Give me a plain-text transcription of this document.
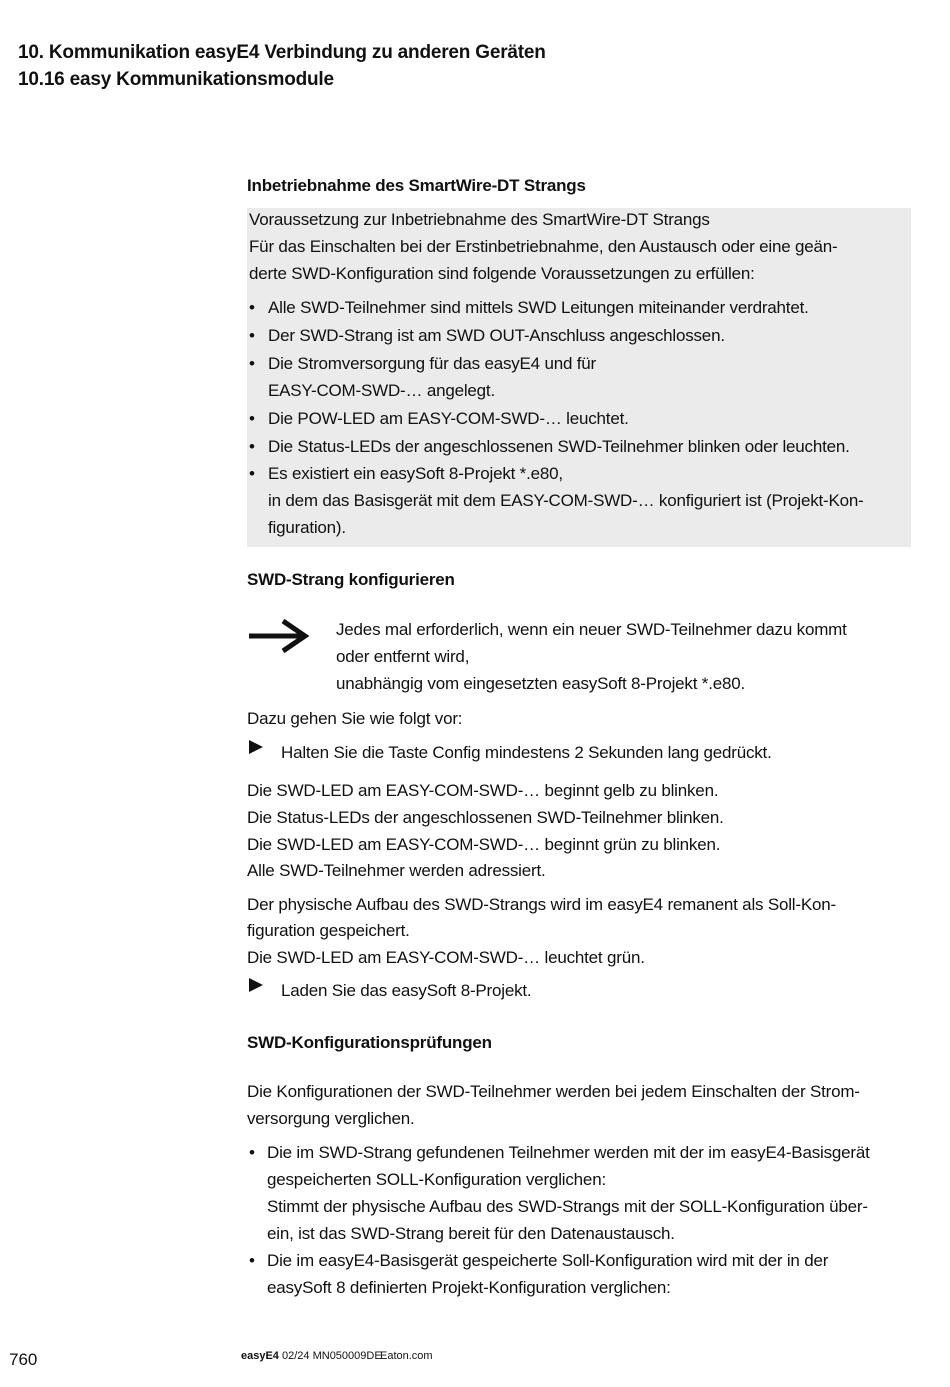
10. Kommunikation easyE4 Verbindung zu anderen Geräten
10.16 easy Kommunikationsmodule
Inbetriebnahme des SmartWire-DT Strangs
Voraussetzung zur Inbetriebnahme des SmartWire-DT Strangs
Für das Einschalten bei der Erstinbetriebnahme, den Austausch oder eine geän-
derte SWD-Konfiguration sind folgende Voraussetzungen zu erfüllen:
• Alle SWD-Teilnehmer sind mittels SWD Leitungen miteinander verdrahtet.
• Der SWD-Strang ist am SWD OUT-Anschluss angeschlossen.
• Die Stromversorgung für das easyE4 und für
EASY-COM-SWD-… angelegt.
• Die POW-LED am EASY-COM-SWD-… leuchtet.
• Die Status-LEDs der angeschlossenen SWD-Teilnehmer blinken oder leuchten.
• Es existiert ein easySoft 8-Projekt *.e80,
in dem das Basisgerät mit dem EASY-COM-SWD-… konfiguriert ist (Projekt-Kon-
figuration).
SWD-Strang konfigurieren
Jedes mal erforderlich, wenn ein neuer SWD-Teilnehmer dazu kommt
oder entfernt wird,
unabhängig vom eingesetzten easySoft 8-Projekt *.e80.
Dazu gehen Sie wie folgt vor:
Halten Sie die Taste Config mindestens 2 Sekunden lang gedrückt.
Die SWD-LED am EASY-COM-SWD-… beginnt gelb zu blinken.
Die Status-LEDs der angeschlossenen SWD-Teilnehmer blinken.
Die SWD-LED am EASY-COM-SWD-… beginnt grün zu blinken.
Alle SWD-Teilnehmer werden adressiert.
Der physische Aufbau des SWD-Strangs wird im easyE4 remanent als Soll-Kon-
figuration gespeichert.
Die SWD-LED am EASY-COM-SWD-… leuchtet grün.
Laden Sie das easySoft 8-Projekt.
SWD-Konfigurationsprüfungen
Die Konfigurationen der SWD-Teilnehmer werden bei jedem Einschalten der Strom-
versorgung verglichen.
• Die im SWD-Strang gefundenen Teilnehmer werden mit der im easyE4-Basisgerät
gespeicherten SOLL-Konfiguration verglichen:
Stimmt der physische Aufbau des SWD-Strangs mit der SOLL-Konfiguration über-
ein, ist das SWD-Strang bereit für den Datenaustausch.
• Die im easyE4-Basisgerät gespeicherte Soll-Konfiguration wird mit der in der
easySoft 8 definierten Projekt-Konfiguration verglichen:
760	easyE4 02/24 MN050009DE
Eaton.com
